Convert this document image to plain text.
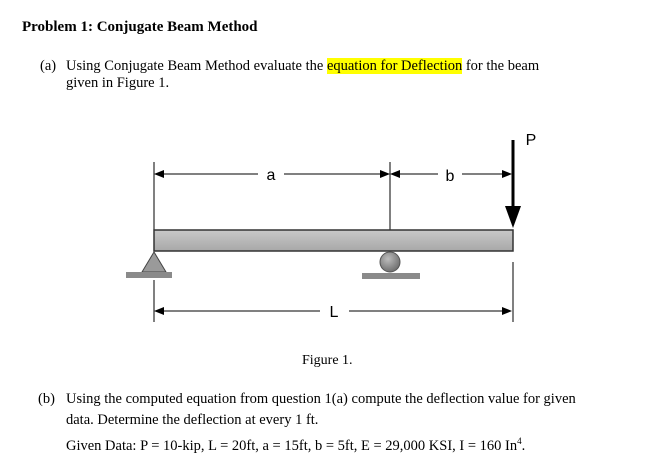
Problem 1: Conjugate Beam Method
(a) Using Conjugate Beam Method evaluate the equation for Deflection for the beam
given in Figure 1.
a	b
P
L
Figure 1.
(b) Using the computed equation from question 1(a) compute the deflection value for given
data. Determine the deflection at every 1 ft.
Given Data: P = 10-kip, L = 20ft, a = 15ft, b = 5ft, E = 29,000 KSI, I = 160 In$^4$.
